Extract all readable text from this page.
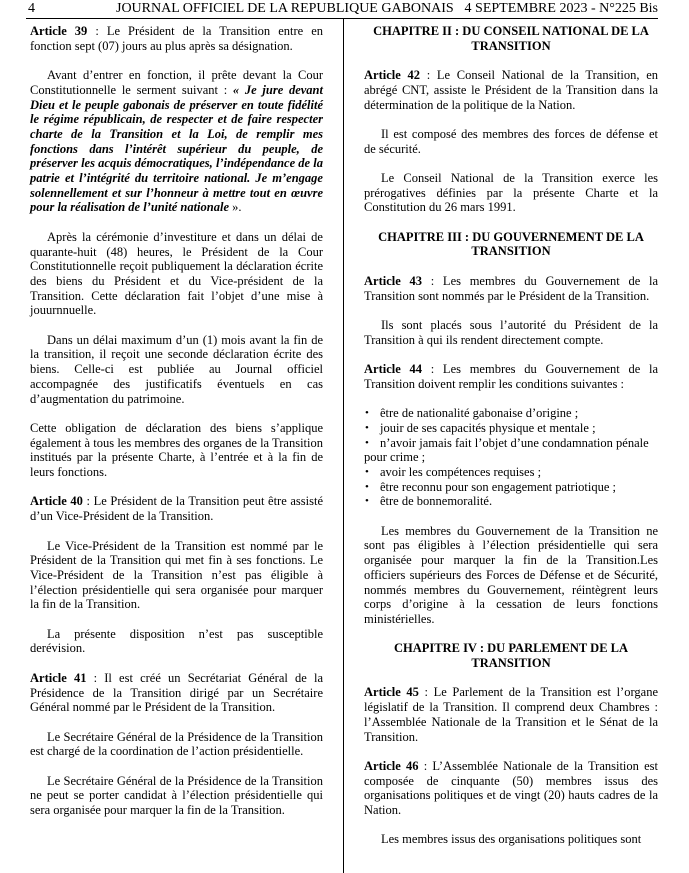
4	JOURNAL OFFICIEL DE LA REPUBLIQUE GABONAIS 4 SEPTEMBRE 2023 - N°225 Bis

Article 39 : Le Président de la Transition entre en fonction sept (07) jours au plus après sa désignation.

Avant d’entrer en fonction, il prête devant la Cour Constitutionnelle le serment suivant : « Je jure devant Dieu et le peuple gabonais de préserver en toute fidélité le régime républicain, de respecter et de faire respecter charte de la Transition et la Loi, de remplir mes fonctions dans l’intérêt supérieur du peuple, de préserver les acquis démocratiques, l’indépendance de la patrie et l’intégrité du territoire national. Je m’engage solennellement et sur l’honneur à mettre tout en œuvre pour la réalisation de l’unité nationale ».

Après la cérémonie d’investiture et dans un délai de quarante-huit (48) heures, le Président de la Cour Constitutionnelle reçoit publiquement la déclaration écrite des biens du Président et du Vice-président de la Transition. Cette déclaration fait l’objet d’une mise à jouurnnuelle.

Dans un délai maximum d’un (1) mois avant la fin de la transition, il reçoit une seconde déclaration écrite des biens. Celle-ci est publiée au Journal officiel accompagnée des justificatifs éventuels en cas d’augmentation du patrimoine.

Cette obligation de déclaration des biens s’applique également à tous les membres des organes de la Transition institués par la présente Charte, à l’entrée et à la fin de leurs fonctions.

Article 40 : Le Président de la Transition peut être assisté d’un Vice-Président de la Transition.

Le Vice-Président de la Transition est nommé par le Président de la Transition qui met fin à ses fonctions. Le Vice-Président de la Transition n’est pas éligible à l’élection présidentielle qui sera organisée pour marquer la fin de la Transition.

La présente disposition n’est pas susceptible derévision.

Article 41 : Il est créé un Secrétariat Général de la Présidence de la Transition dirigé par un Secrétaire Général nommé par le Président de la Transition.

Le Secrétaire Général de la Présidence de la Transition est chargé de la coordination de l’action présidentielle.

Le Secrétaire Général de la Présidence de la Transition ne peut se porter candidat à l’élection présidentielle qui sera organisée pour marquer la fin de la Transition.

CHAPITRE II : DU CONSEIL NATIONAL DE LA TRANSITION

Article 42 : Le Conseil National de la Transition, en abrégé CNT, assiste le Président de la Transition dans la détermination de la politique de la Nation.

Il est composé des membres des forces de défense et de sécurité.

Le Conseil National de la Transition exerce les prérogatives définies par la présente Charte et la Constitution du 26 mars 1991.

CHAPITRE III : DU GOUVERNEMENT DE LA TRANSITION

Article 43 : Les membres du Gouvernement de la Transition sont nommés par le Président de la Transition.

Ils sont placés sous l’autorité du Président de la Transition à qui ils rendent directement compte.

Article 44 : Les membres du Gouvernement de la Transition doivent remplir les conditions suivantes :

• être de nationalité gabonaise d’origine ;
• jouir de ses capacités physique et mentale ;
• n’avoir jamais fait l’objet d’une condamnation pénale
pour crime ;
• avoir les compétences requises ;
• être reconnu pour son engagement patriotique ;
• être de bonnemoralité.

Les membres du Gouvernement de la Transition ne sont pas éligibles à l’élection présidentielle qui sera organisée pour marquer la fin de la Transition.Les officiers supérieurs des Forces de Défense et de Sécurité, nommés membres du Gouvernement, réintègrent leurs corps d’origine à la cessation de leurs fonctions ministérielles.

CHAPITRE IV : DU PARLEMENT DE LA TRANSITION

Article 45 : Le Parlement de la Transition est l’organe législatif de la Transition. Il comprend deux Chambres : l’Assemblée Nationale de la Transition et le Sénat de la Transition.

Article 46 : L’Assemblée Nationale de la Transition est composée de cinquante (50) membres issus des organisations politiques et de vingt (20) hauts cadres de la Nation.

Les membres issus des organisations politiques sont
